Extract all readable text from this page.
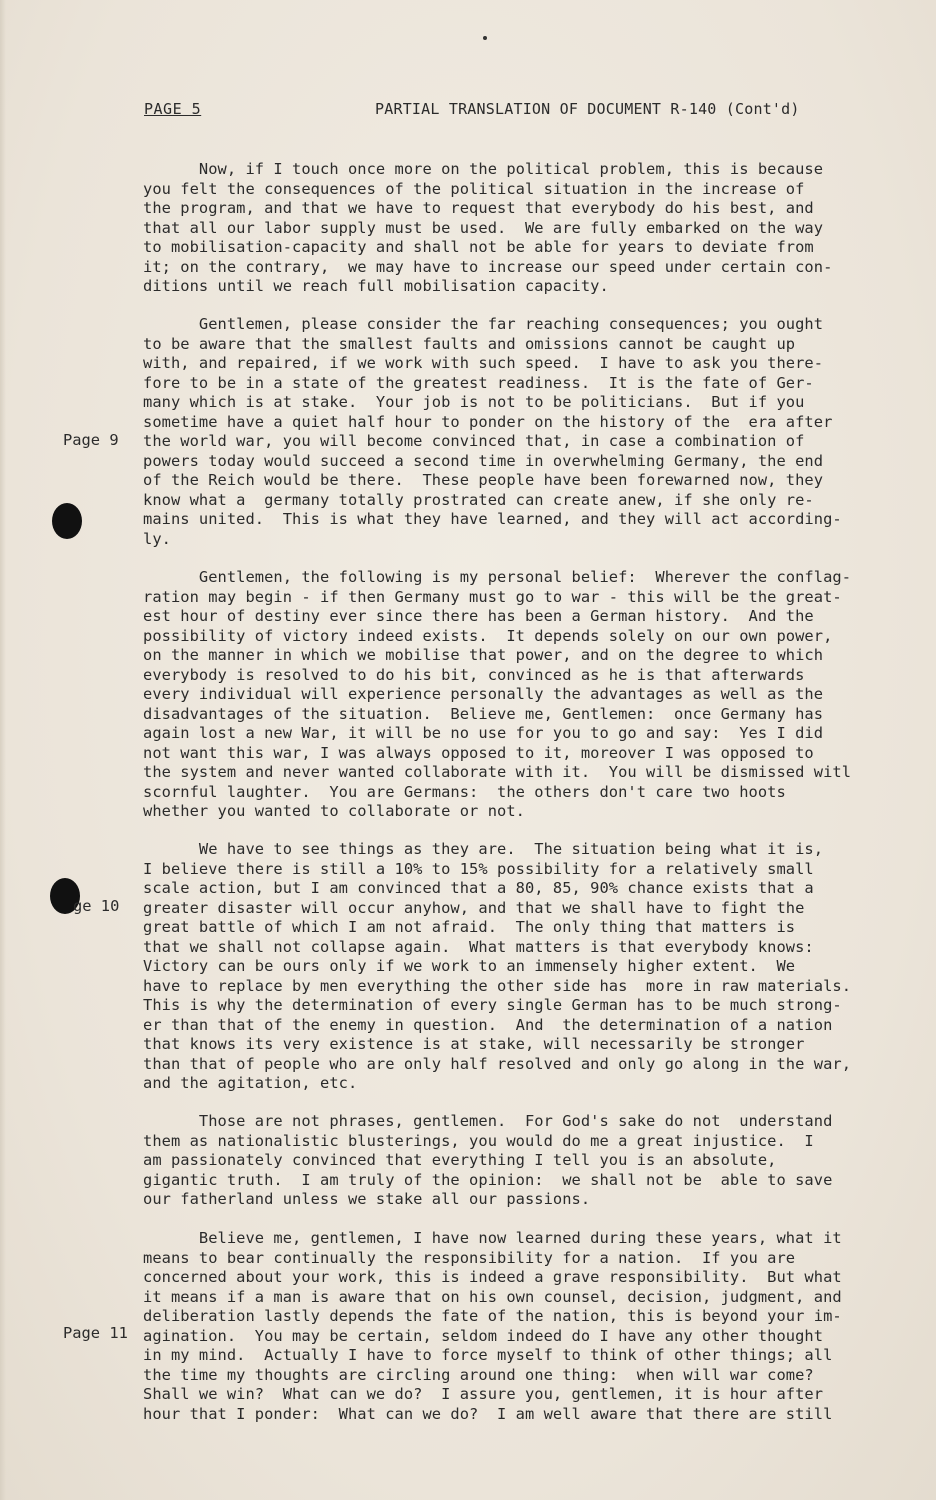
PAGE 5	PARTIAL TRANSLATION OF DOCUMENT R-140 (Cont'd)
Page 9
ge 10
Page 11
Now, if I touch once more on the political problem, this is because
you felt the consequences of the political situation in the increase of
the program, and that we have to request that everybody do his best, and
that all our labor supply must be used.  We are fully embarked on the way
to mobilisation-capacity and shall not be able for years to deviate from
it; on the contrary,  we may have to increase our speed under certain con-
ditions until we reach full mobilisation capacity.
Gentlemen, please consider the far reaching consequences; you ought
to be aware that the smallest faults and omissions cannot be caught up
with, and repaired, if we work with such speed.  I have to ask you there-
fore to be in a state of the greatest readiness.  It is the fate of Ger-
many which is at stake.  Your job is not to be politicians.  But if you
sometime have a quiet half hour to ponder on the history of the  era after
the world war, you will become convinced that, in case a combination of
powers today would succeed a second time in overwhelming Germany, the end
of the Reich would be there.  These people have been forewarned now, they
know what a  germany totally prostrated can create anew, if she only re-
mains united.  This is what they have learned, and they will act according-
ly.
Gentlemen, the following is my personal belief:  Wherever the conflag-
ration may begin - if then Germany must go to war - this will be the great-
est hour of destiny ever since there has been a German history.  And the
possibility of victory indeed exists.  It depends solely on our own power,
on the manner in which we mobilise that power, and on the degree to which
everybody is resolved to do his bit, convinced as he is that afterwards
every individual will experience personally the advantages as well as the
disadvantages of the situation.  Believe me, Gentlemen:  once Germany has
again lost a new War, it will be no use for you to go and say:  Yes I did
not want this war, I was always opposed to it, moreover I was opposed to
the system and never wanted collaborate with it.  You will be dismissed witl
scornful laughter.  You are Germans:  the others don't care two hoots
whether you wanted to collaborate or not.
We have to see things as they are.  The situation being what it is,
I believe there is still a 10% to 15% possibility for a relatively small
scale action, but I am convinced that a 80, 85, 90% chance exists that a
greater disaster will occur anyhow, and that we shall have to fight the
great battle of which I am not afraid.  The only thing that matters is
that we shall not collapse again.  What matters is that everybody knows:
Victory can be ours only if we work to an immensely higher extent.  We
have to replace by men everything the other side has  more in raw materials.
This is why the determination of every single German has to be much strong-
er than that of the enemy in question.  And  the determination of a nation
that knows its very existence is at stake, will necessarily be stronger
than that of people who are only half resolved and only go along in the war,
and the agitation, etc.
Those are not phrases, gentlemen.  For God's sake do not  understand
them as nationalistic blusterings, you would do me a great injustice.  I
am passionately convinced that everything I tell you is an absolute,
gigantic truth.  I am truly of the opinion:  we shall not be  able to save
our fatherland unless we stake all our passions.
Believe me, gentlemen, I have now learned during these years, what it
means to bear continually the responsibility for a nation.  If you are
concerned about your work, this is indeed a grave responsibility.  But what
it means if a man is aware that on his own counsel, decision, judgment, and
deliberation lastly depends the fate of the nation, this is beyond your im-
agination.  You may be certain, seldom indeed do I have any other thought
in my mind.  Actually I have to force myself to think of other things; all
the time my thoughts are circling around one thing:  when will war come?
Shall we win?  What can we do?  I assure you, gentlemen, it is hour after
hour that I ponder:  What can we do?  I am well aware that there are still
